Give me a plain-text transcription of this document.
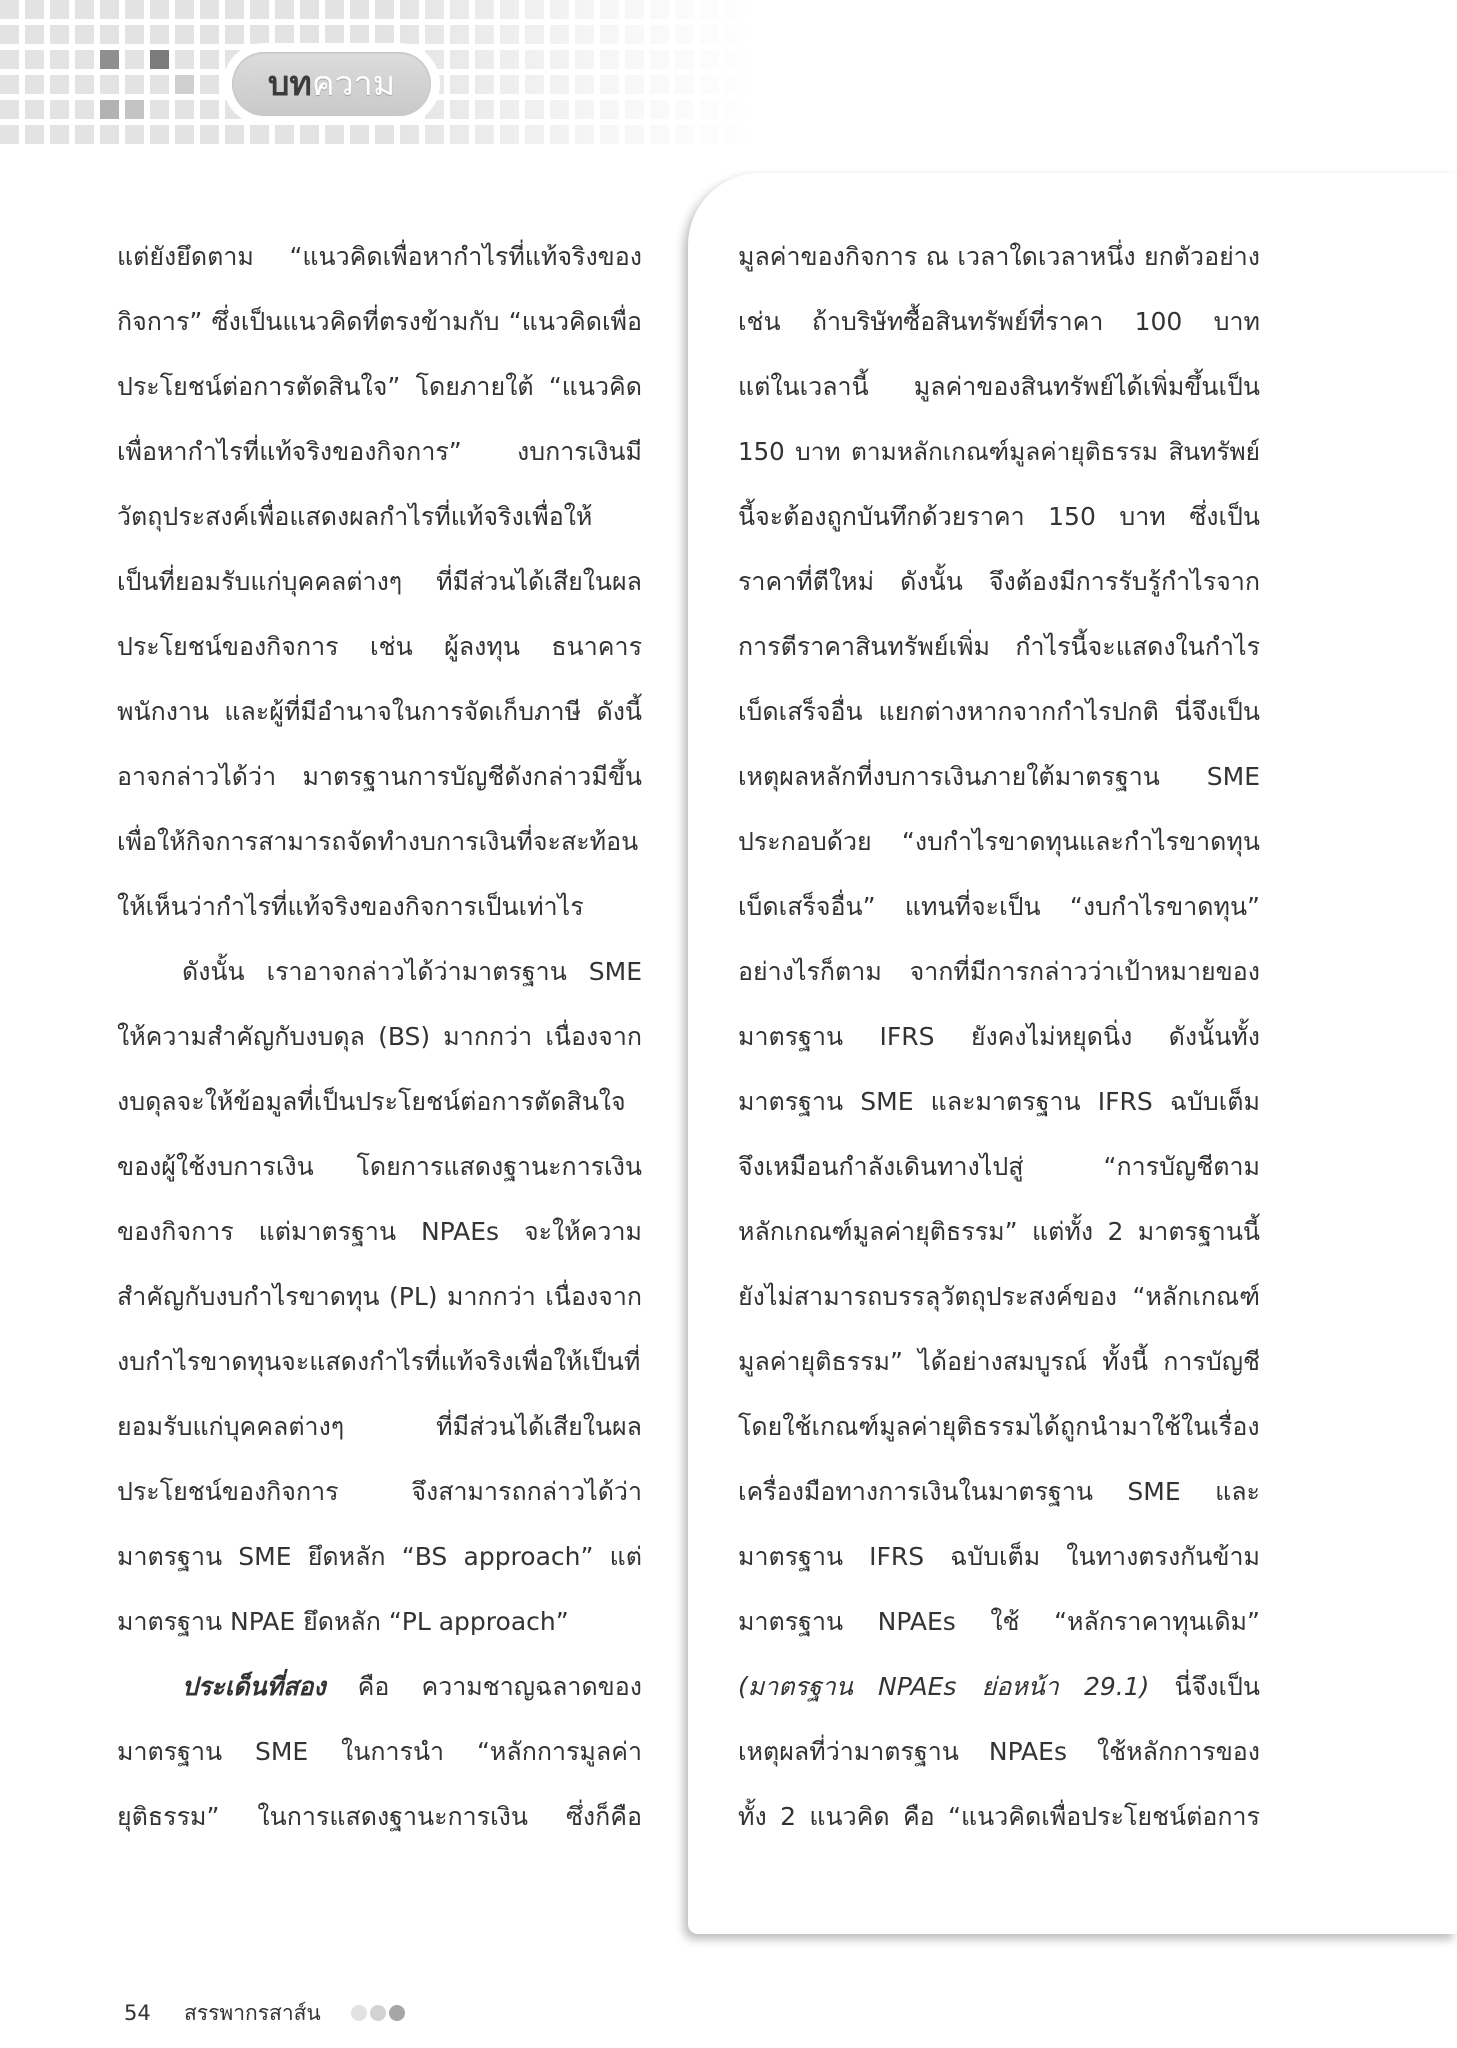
บท ความ
แต่ยังยึดตาม “แนวคิดเพื่อหากำไรที่แท้จริงของ
กิจการ” ซึ่งเป็นแนวคิดที่ตรงข้ามกับ “แนวคิดเพื่อ
ประโยชน์ต่อการตัดสินใจ” โดยภายใต้ “แนวคิด
เพื่อหากำไรที่แท้จริงของกิจการ” งบการเงินมี
วัตถุประสงค์เพื่อแสดงผลกำไรที่แท้จริงเพื่อให้
เป็นที่ยอมรับแก่บุคคลต่างๆ ที่มีส่วนได้เสียในผล
ประโยชน์ของกิจการ เช่น ผู้ลงทุน ธนาคาร
พนักงาน และผู้ที่มีอำนาจในการจัดเก็บภาษี ดังนี้
อาจกล่าวได้ว่า มาตรฐานการบัญชีดังกล่าวมีขึ้น
เพื่อให้กิจการสามารถจัดทำงบการเงินที่จะสะท้อน
ให้เห็นว่ากำไรที่แท้จริงของกิจการเป็นเท่าไร
ดังนั้น เราอาจกล่าวได้ว่ามาตรฐาน SME
ให้ความสำคัญกับงบดุล (BS) มากกว่า เนื่องจาก
งบดุลจะให้ข้อมูลที่เป็นประโยชน์ต่อการตัดสินใจ
ของผู้ใช้งบการเงิน โดยการแสดงฐานะการเงิน
ของกิจการ แต่มาตรฐาน NPAEs จะให้ความ
สำคัญกับงบกำไรขาดทุน (PL) มากกว่า เนื่องจาก
งบกำไรขาดทุนจะแสดงกำไรที่แท้จริงเพื่อให้เป็นที่
ยอมรับแก่บุคคลต่างๆ ที่มีส่วนได้เสียในผล
ประโยชน์ของกิจการ จึงสามารถกล่าวได้ว่า
มาตรฐาน SME ยึดหลัก “BS approach” แต่
มาตรฐาน NPAE ยึดหลัก “PL approach”
ประเด็นที่สอง คือ ความชาญฉลาดของ
มาตรฐาน SME ในการนำ “หลักการมูลค่า
ยุติธรรม” ในการแสดงฐานะการเงิน ซึ่งก็คือ
มูลค่าของกิจการ ณ เวลาใดเวลาหนึ่ง ยกตัวอย่าง
เช่น ถ้าบริษัทซื้อสินทรัพย์ที่ราคา 100 บาท
แต่ในเวลานี้ มูลค่าของสินทรัพย์ได้เพิ่มขึ้นเป็น
150 บาท ตามหลักเกณฑ์มูลค่ายุติธรรม สินทรัพย์
นี้จะต้องถูกบันทึกด้วยราคา 150 บาท ซึ่งเป็น
ราคาที่ตีใหม่ ดังนั้น จึงต้องมีการรับรู้กำไรจาก
การตีราคาสินทรัพย์เพิ่ม กำไรนี้จะแสดงในกำไร
เบ็ดเสร็จอื่น แยกต่างหากจากกำไรปกติ นี่จึงเป็น
เหตุผลหลักที่งบการเงินภายใต้มาตรฐาน SME
ประกอบด้วย “งบกำไรขาดทุนและกำไรขาดทุน
เบ็ดเสร็จอื่น” แทนที่จะเป็น “งบกำไรขาดทุน”
อย่างไรก็ตาม จากที่มีการกล่าวว่าเป้าหมายของ
มาตรฐาน IFRS ยังคงไม่หยุดนิ่ง ดังนั้นทั้ง
มาตรฐาน SME และมาตรฐาน IFRS ฉบับเต็ม
จึงเหมือนกำลังเดินทางไปสู่ “การบัญชีตาม
หลักเกณฑ์มูลค่ายุติธรรม” แต่ทั้ง 2 มาตรฐานนี้
ยังไม่สามารถบรรลุวัตถุประสงค์ของ “หลักเกณฑ์
มูลค่ายุติธรรม” ได้อย่างสมบูรณ์ ทั้งนี้ การบัญชี
โดยใช้เกณฑ์มูลค่ายุติธรรมได้ถูกนำมาใช้ในเรื่อง
เครื่องมือทางการเงินในมาตรฐาน SME และ
มาตรฐาน IFRS ฉบับเต็ม ในทางตรงกันข้าม
มาตรฐาน NPAEs ใช้ “หลักราคาทุนเดิม”
(มาตรฐาน NPAEs ย่อหน้า 29.1) นี่จึงเป็น
เหตุผลที่ว่ามาตรฐาน NPAEs ใช้หลักการของ
ทั้ง 2 แนวคิด คือ “แนวคิดเพื่อประโยชน์ต่อการ
54	สรรพากรสาส์น
